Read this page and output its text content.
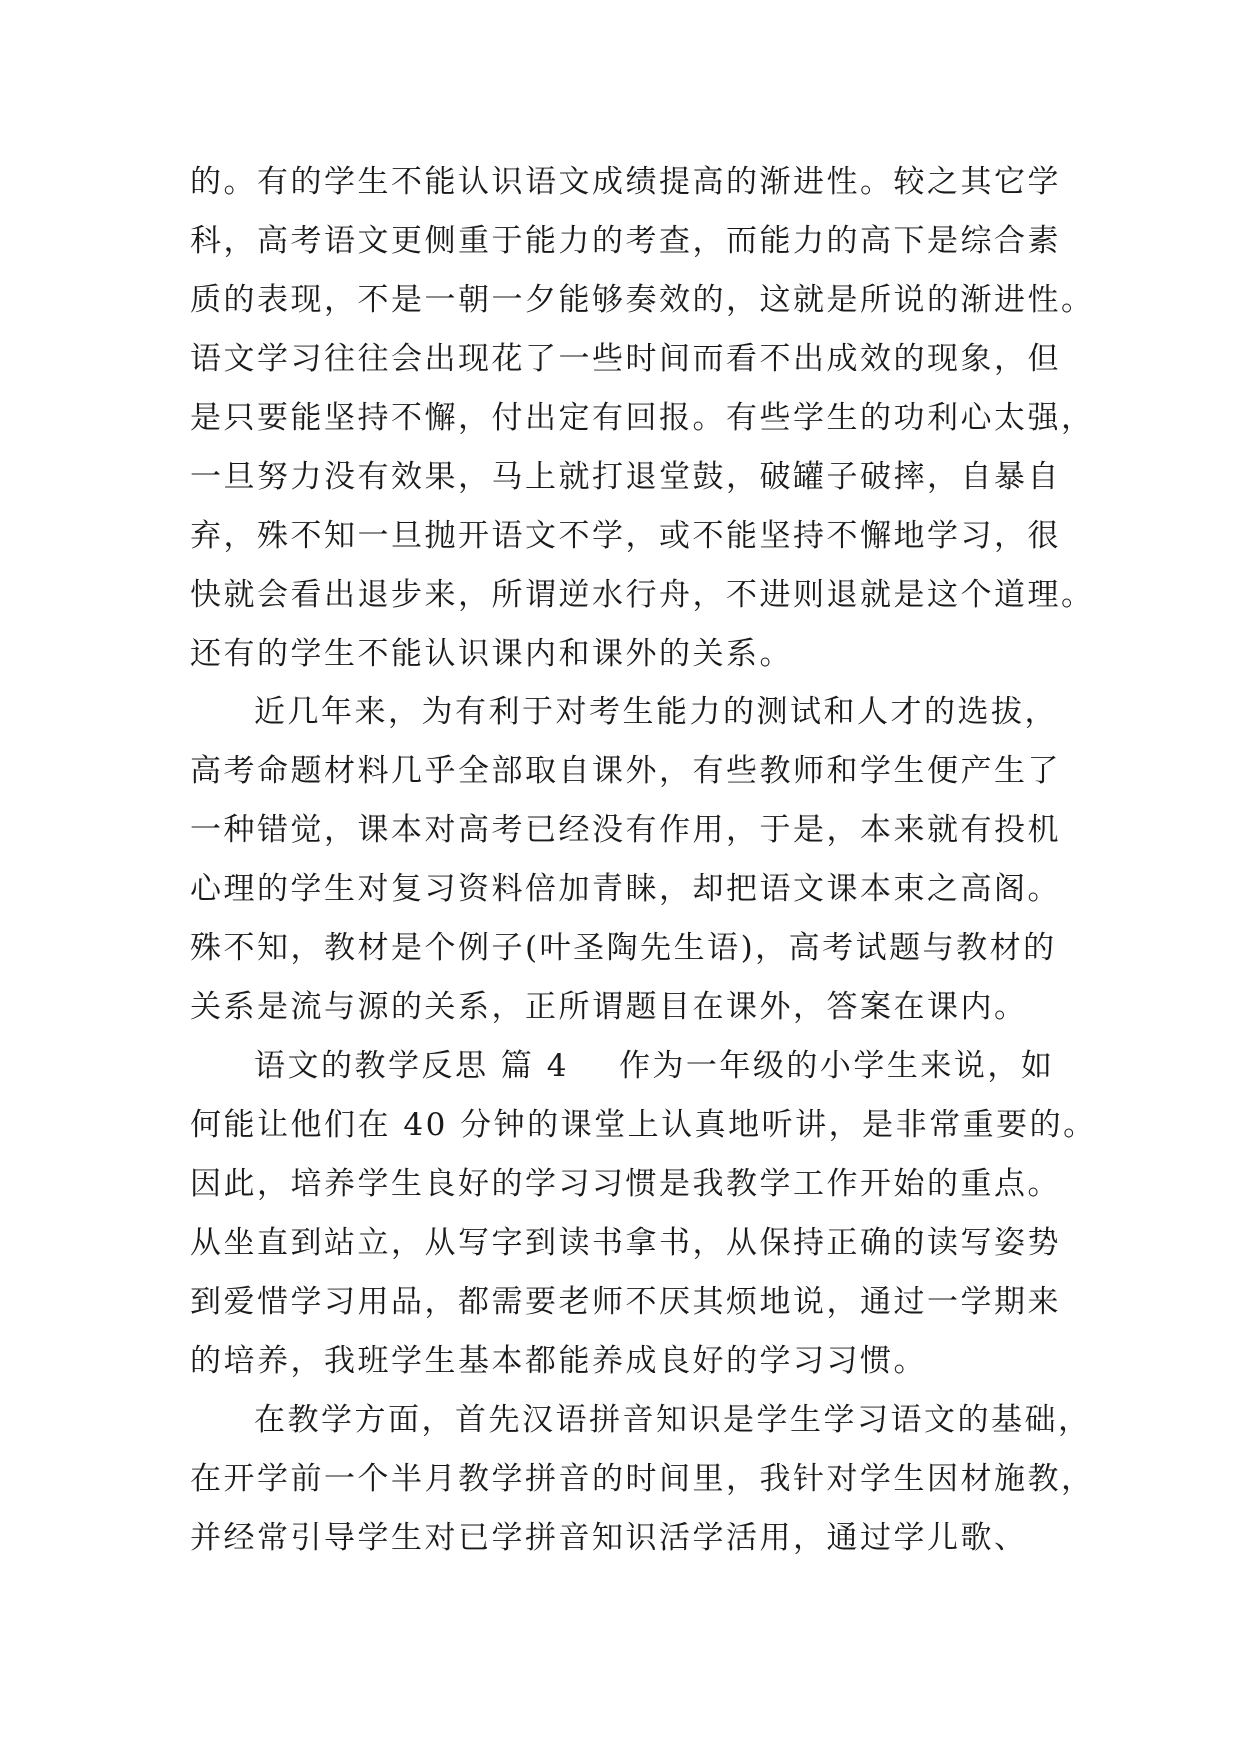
的。有的学生不能认识语文成绩提高的渐进性。较之其它学
科，高考语文更侧重于能力的考查，而能力的高下是综合素
质的表现，不是一朝一夕能够奏效的，这就是所说的渐进性。
语文学习往往会出现花了一些时间而看不出成效的现象，但
是只要能坚持不懈，付出定有回报。有些学生的功利心太强，
一旦努力没有效果，马上就打退堂鼓，破罐子破摔，自暴自
弃，殊不知一旦抛开语文不学，或不能坚持不懈地学习，很
快就会看出退步来，所谓逆水行舟，不进则退就是这个道理。
还有的学生不能认识课内和课外的关系。
近几年来，为有利于对考生能力的测试和人才的选拔，
高考命题材料几乎全部取自课外，有些教师和学生便产生了
一种错觉，课本对高考已经没有作用，于是，本来就有投机
心理的学生对复习资料倍加青睐，却把语文课本束之高阁。
殊不知，教材是个例子(叶圣陶先生语)，高考试题与教材的
关系是流与源的关系，正所谓题目在课外，答案在课内。
语文的教学反思 篇 4 作为一年级的小学生来说，如
何能让他们在 40 分钟的课堂上认真地听讲，是非常重要的。
因此，培养学生良好的学习习惯是我教学工作开始的重点。
从坐直到站立，从写字到读书拿书，从保持正确的读写姿势
到爱惜学习用品，都需要老师不厌其烦地说，通过一学期来
的培养，我班学生基本都能养成良好的学习习惯。
在教学方面，首先汉语拼音知识是学生学习语文的基础，
在开学前一个半月教学拼音的时间里，我针对学生因材施教，
并经常引导学生对已学拼音知识活学活用，通过学儿歌、
